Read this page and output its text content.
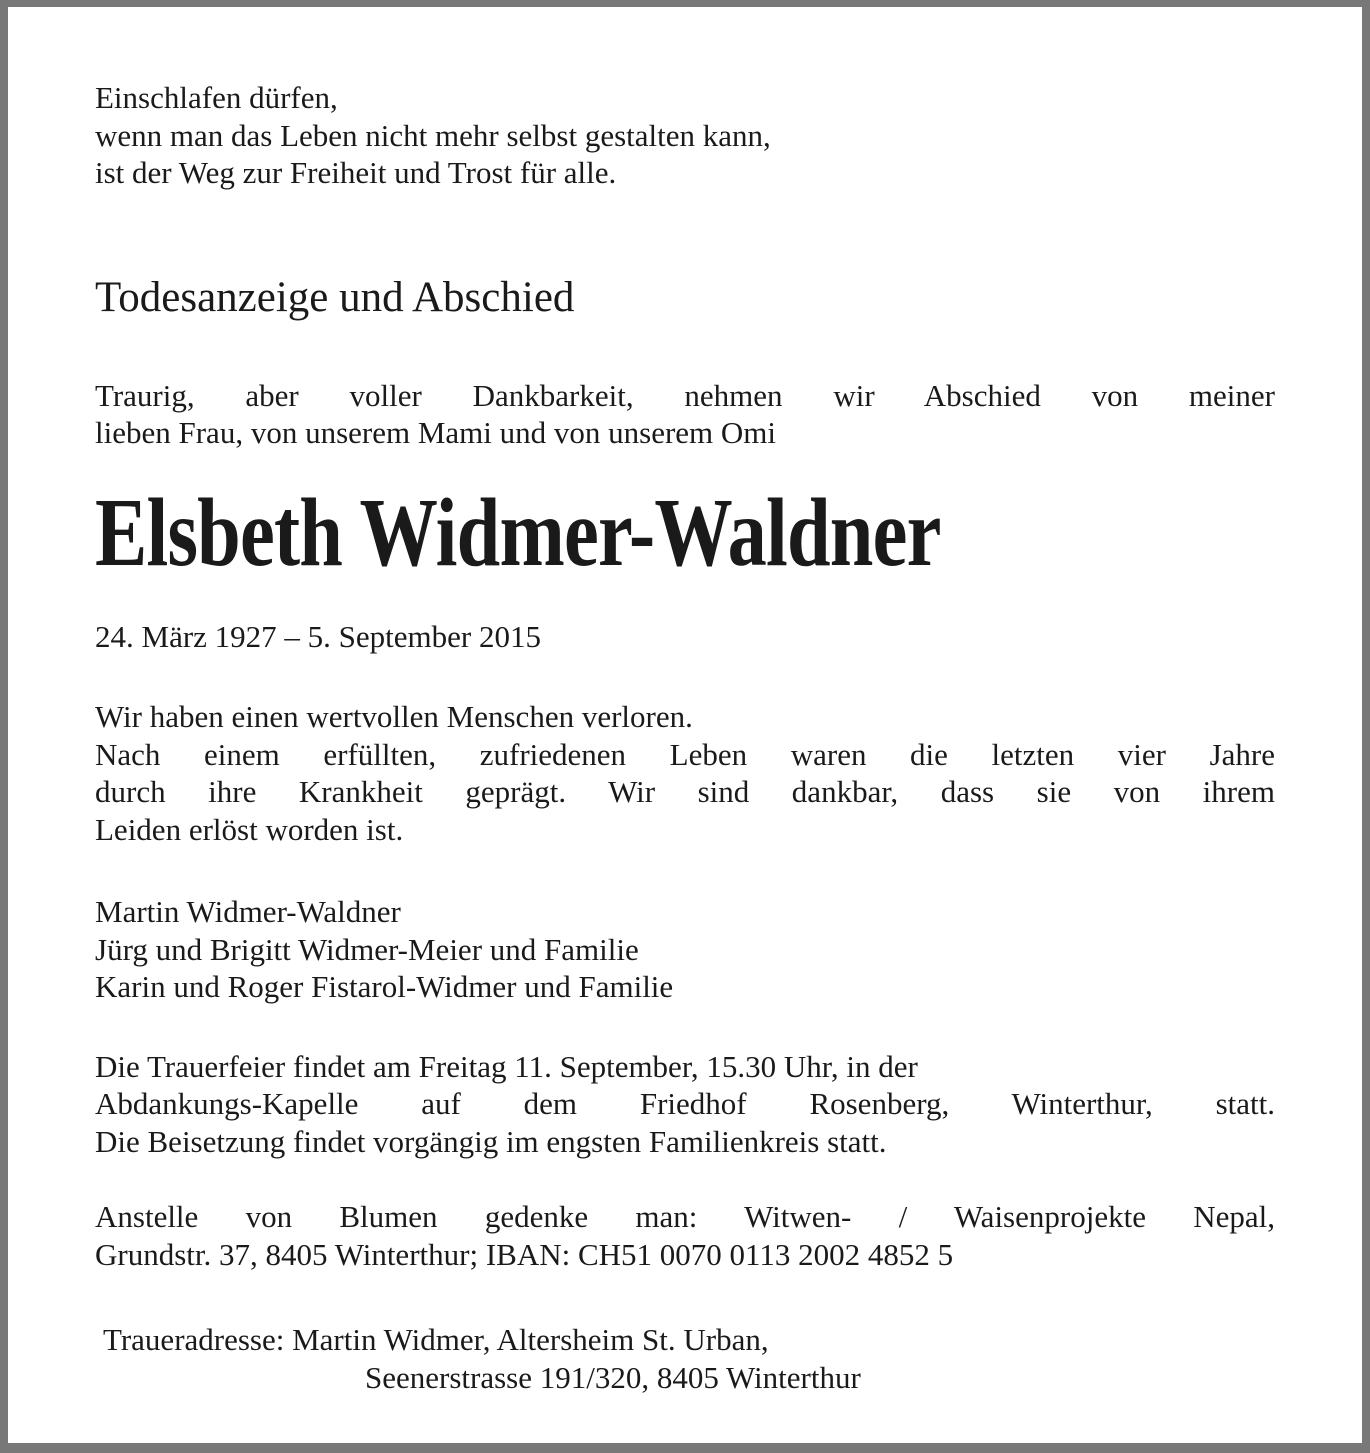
Einschlafen dürfen,
wenn man das Leben nicht mehr selbst gestalten kann,
ist der Weg zur Freiheit und Trost für alle.
Todesanzeige und Abschied
Traurig, aber voller Dankbarkeit, nehmen wir Abschied von meiner
lieben Frau, von unserem Mami und von unserem Omi
Elsbeth Widmer-Waldner
24. März 1927 – 5. September 2015
Wir haben einen wertvollen Menschen verloren.
Nach einem erfüllten, zufriedenen Leben waren die letzten vier Jahre
durch ihre Krankheit geprägt. Wir sind dankbar, dass sie von ihrem
Leiden erlöst worden ist.
Martin Widmer-Waldner
Jürg und Brigitt Widmer-Meier und Familie
Karin und Roger Fistarol-Widmer und Familie
Die Trauerfeier findet am Freitag 11. September, 15.30 Uhr, in der
Abdankungs-Kapelle auf dem Friedhof Rosenberg, Winterthur, statt.
Die Beisetzung findet vorgängig im engsten Familienkreis statt.
Anstelle von Blumen gedenke man: Witwen- / Waisenprojekte Nepal,
Grundstr. 37, 8405 Winterthur; IBAN: CH51 0070 0113 2002 4852 5
Traueradresse: Martin Widmer, Altersheim St. Urban,
Seenerstrasse 191/320, 8405 Winterthur
